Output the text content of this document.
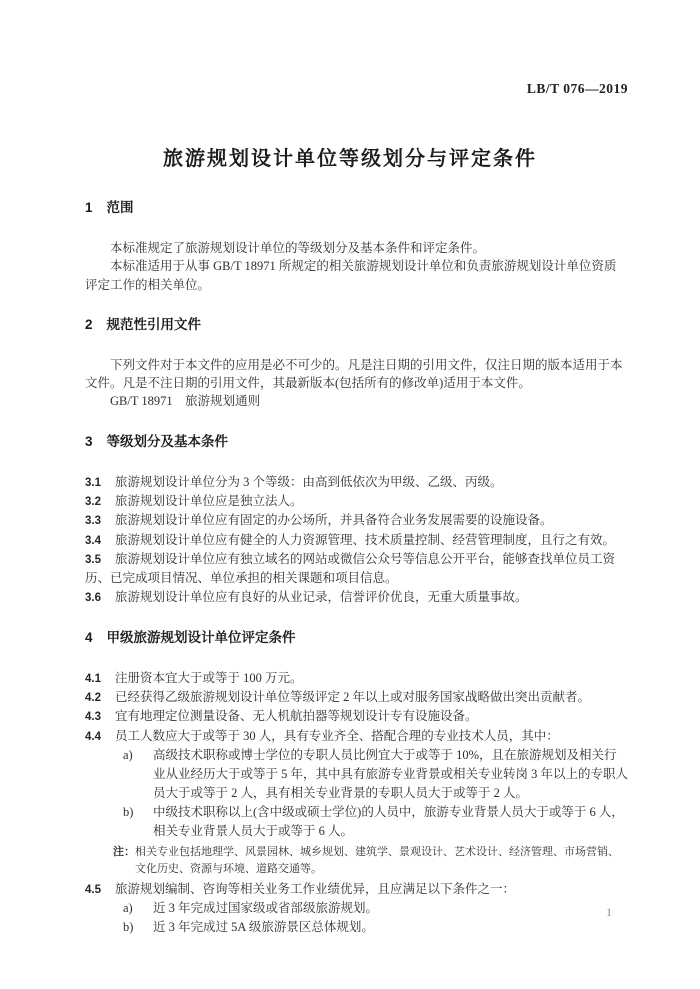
LB/T 076—2019
旅游规划设计单位等级划分与评定条件
1 范围

本标准规定了旅游规划设计单位的等级划分及基本条件和评定条件。

本标准适用于从事 GB/T 18971 所规定的相关旅游规划设计单位和负责旅游规划设计单位资质评定工作的相关单位。

2 规范性引用文件

下列文件对于本文件的应用是必不可少的。凡是注日期的引用文件，仅注日期的版本适用于本文件。凡是不注日期的引用文件，其最新版本(包括所有的修改单)适用于本文件。

GB/T 18971　旅游规划通则

3 等级划分及基本条件

3.1 旅游规划设计单位分为 3 个等级：由高到低依次为甲级、乙级、丙级。

3.2 旅游规划设计单位应是独立法人。

3.3 旅游规划设计单位应有固定的办公场所，并具备符合业务发展需要的设施设备。

3.4 旅游规划设计单位应有健全的人力资源管理、技术质量控制、经营管理制度，且行之有效。

3.5 旅游规划设计单位应有独立域名的网站或微信公众号等信息公开平台，能够查找单位员工资历、已完成项目情况、单位承担的相关课题和项目信息。

3.6 旅游规划设计单位应有良好的从业记录，信誉评价优良，无重大质量事故。

4 甲级旅游规划设计单位评定条件

4.1 注册资本宜大于或等于 100 万元。

4.2 已经获得乙级旅游规划设计单位等级评定 2 年以上或对服务国家战略做出突出贡献者。

4.3 宜有地理定位测量设备、无人机航拍器等规划设计专有设施设备。

4.4 员工人数应大于或等于 30 人，具有专业齐全、搭配合理的专业技术人员，其中：

a)	高级技术职称或博士学位的专职人员比例宜大于或等于 10%，且在旅游规划及相关行业从业经历大于或等于 5 年，其中具有旅游专业背景或相关专业转岗 3 年以上的专职人员大于或等于 2 人，具有相关专业背景的专职人员大于或等于 2 人。
b)	中级技术职称以上(含中级或硕士学位)的人员中，旅游专业背景人员大于或等于 6 人，相关专业背景人员大于或等于 6 人。
注： 相关专业包括地理学、风景园林、城乡规划、建筑学、景观设计、艺术设计、经济管理、市场营销、文化历史、资源与环境、道路交通等。

4.5 旅游规划编制、咨询等相关业务工作业绩优异，且应满足以下条件之一：

a)	近 3 年完成过国家级或省部级旅游规划。
b)	近 3 年完成过 5A 级旅游景区总体规划。
1
